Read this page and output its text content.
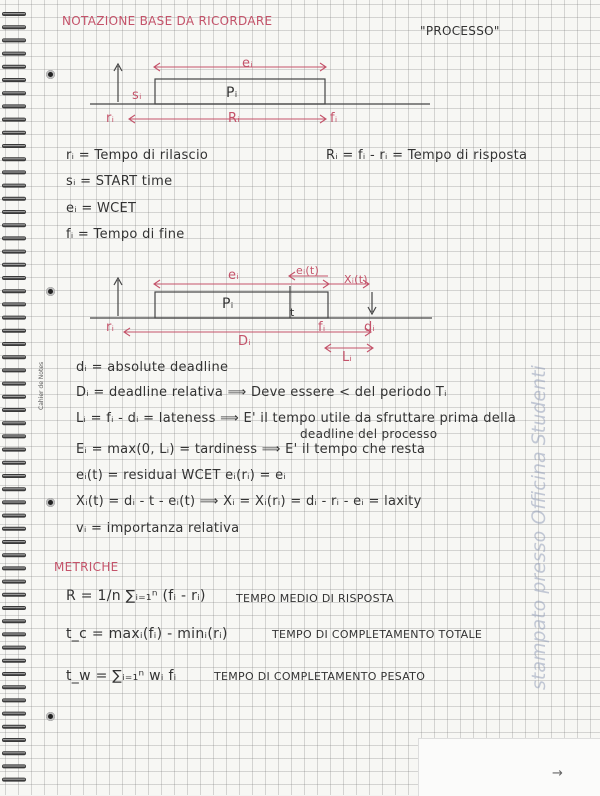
NOTAZIONE BASE DA RICORDARE
"PROCESSO"
eᵢ
sᵢ	Pᵢ
rᵢ	Rᵢ	fᵢ
rᵢ = Tempo di rilascio
sᵢ = START time
eᵢ = WCET
fᵢ = Tempo di fine
Rᵢ = fᵢ - rᵢ = Tempo di risposta
eᵢ	eᵢ(t)
Xᵢ(t)
Pᵢ
t
rᵢ	fᵢ	dᵢ
Dᵢ
Lᵢ
dᵢ = absolute deadline
Dᵢ = deadline relativa ⟹ Deve essere < del periodo Tᵢ
Lᵢ = fᵢ - dᵢ = lateness ⟹ E' il tempo utile da sfruttare prima della
deadline del processo
Eᵢ = max(0, Lᵢ) = tardiness ⟹ E' il tempo che resta
eᵢ(t) = residual WCET eᵢ(rᵢ) = eᵢ
Xᵢ(t) = dᵢ - t - eᵢ(t) ⟹ Xᵢ = Xᵢ(rᵢ) = dᵢ - rᵢ - eᵢ = laxity
vᵢ = importanza relativa
METRICHE
R = 1/n ∑ᵢ₌₁ⁿ (fᵢ - rᵢ)	TEMPO MEDIO DI RISPOSTA
t_c = maxᵢ(fᵢ) - minᵢ(rᵢ)	TEMPO DI COMPLETAMENTO TOTALE
t_w = ∑ᵢ₌₁ⁿ wᵢ fᵢ	TEMPO DI COMPLETAMENTO PESATO
Cahier de Notes	stampato presso Officina Studenti
→
